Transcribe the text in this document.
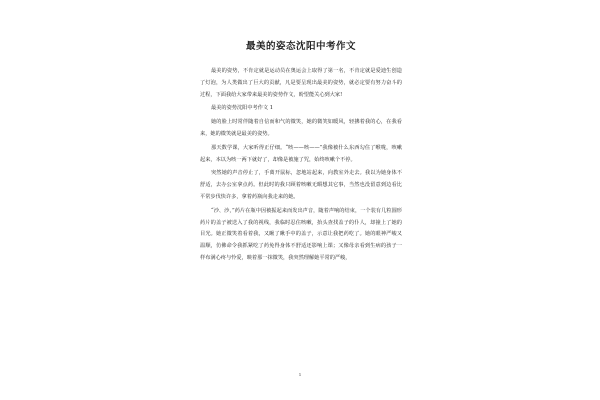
最美的姿态沈阳中考作文

最美的姿势，不肯定就是运动员在奥运会上取得了第一名，不肯定就是爱迪生创造了灯泡，为人类做出了巨大的贡献，凡是要呈现出最美的姿势，就必定要有努力奋斗的过程，下面我给大家带来最美的姿势作文，盼望能关心到大家!

最美的姿势沈阳中考作文 1

她的脸上时常伴随着自信而和气的微笑，她的微笑如暖风，轻拂着我的心，在我看来，她的微笑就是最美的姿势。

那天数学课，大家听得正仔细。“咳——咳——”我像被什么东西勾住了喉咙，咳嗽起来，本以为咳一两下就好了，却像是被施了咒，始终咳嗽个不停。

突然她的声音停止了，手离开鼠标，忽地站起来，向教室外走去。我以为她身体不舒适，去办公室拿点药。但此时的我只顾着咳嗽无暇想其它事，当然也没留意到边看比平常步伐快许多，拿着药瓶向我走来的她。

“沙、沙，”药片在瓶中因被振起来而发出声音，随着声响的结束，一个装有几粒圆形药片的盖子被送入了我的视线，我临时忍住咳嗽，抬头查找盖子的仆人，却撞上了她的目光。她正微笑着看着我，又瞅了瞅手中的盖子，示意让我把药吃了。她的眼神严峻又温顺，仿佛命令我抓紧吃了药免得身体不舒适还影响上课；又像母亲看到生病的孩子一样布满心疼与怜爱，映着那一抹微笑，我突然理解她平常的严峻，

1
